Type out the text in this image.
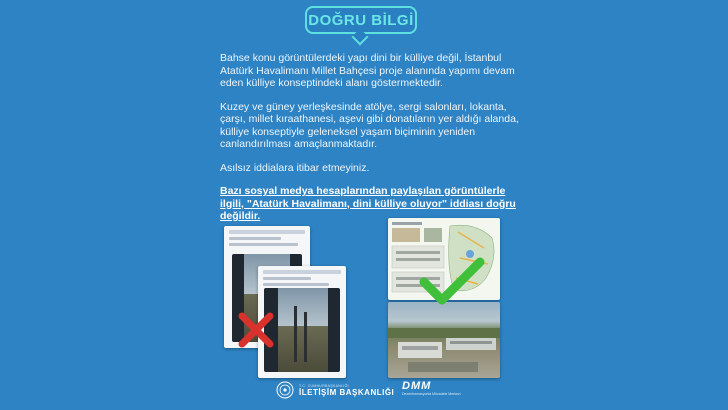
DOĞRU BİLGİ

Bahse konu görüntülerdeki yapı dini bir külliye değil, İstanbul Atatürk Havalimanı Millet Bahçesi proje alanında yapımı devam eden külliye konseptindeki alanı göstermektedir.

Kuzey ve güney yerleşkesinde atölye, sergi salonları, lokanta, çarşı, millet kıraathanesi, aşevi gibi donatıların yer aldığı alanda, külliye konseptiyle geleneksel yaşam biçiminin yeniden canlandırılması amaçlanmaktadır.

Asılsız iddialara itibar etmeyiniz.

Bazı sosyal medya hesaplarından paylaşılan görüntülerle ilgili, "Atatürk Havalimanı, dini külliye oluyor" iddiası doğru değildir.

T.C. CUMHURBAŞKANLIĞI
İLETİŞİM BAŞKANLIĞI DMM
Dezenformasyonla Mücadele Merkezi
